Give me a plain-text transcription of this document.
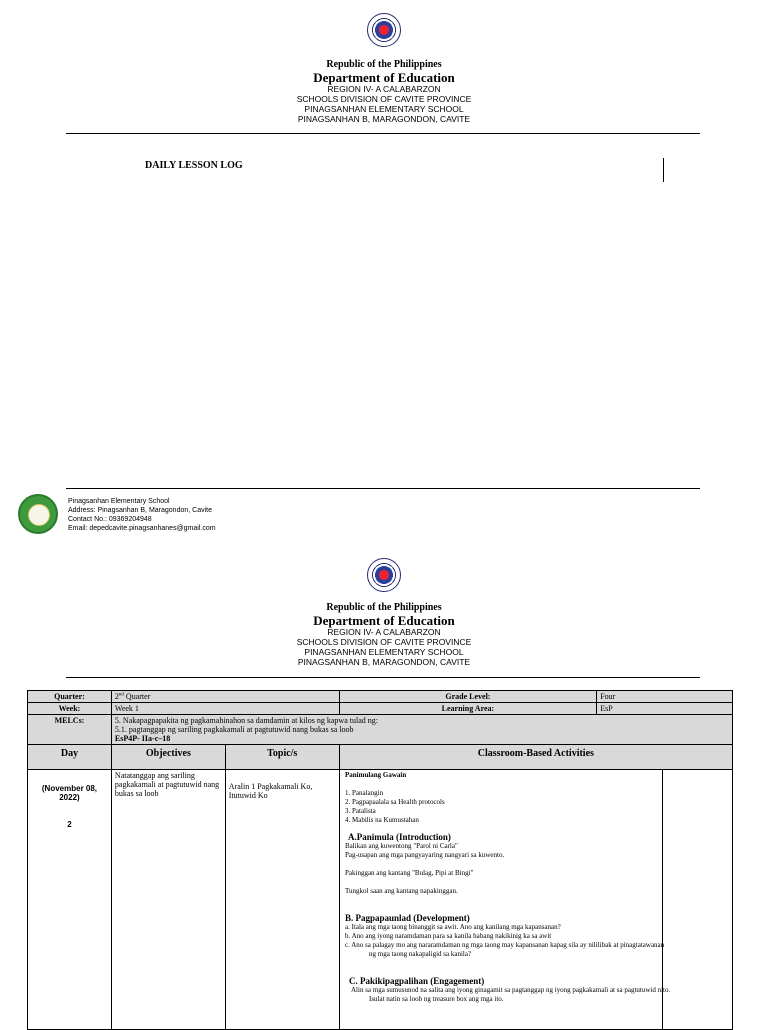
Republic of the Philippines
Department of Education
REGION IV- A CALABARZON
SCHOOLS DIVISION OF CAVITE PROVINCE
PINAGSANHAN ELEMENTARY SCHOOL
PINAGSANHAN B, MARAGONDON, CAVITE
DAILY LESSON LOG
Pinagsanhan Elementary School
Address: Pinagsanhan B, Maragondon, Cavite
Contact No.: 09369204948
Email: depedcavite.pinagsanhanes@gmail.com
Republic of the Philippines
Department of Education
REGION IV- A CALABARZON
SCHOOLS DIVISION OF CAVITE PROVINCE
PINAGSANHAN ELEMENTARY SCHOOL
PINAGSANHAN B, MARAGONDON, CAVITE
Quarter:	2nd Quarter		Grade Level:	Four
Week:	Week 1		Learning Area:	EsP
MELCs:	5. Nakapagpapakita ng pagkamahinahon sa damdamin at kilos ng kapwa tulad ng:
5.1. pagtanggap ng sariling pagkakamali at pagtutuwid nang bukas sa loob
EsP4P- IIa-c–18			

Day	Objectives	Topic/s	Classroom-Based Activities	

(November 08, 2022)
2	Natatanggap ang sariling pagkakamali at pagtutuwid nang bukas sa loob	Aralin 1 Pagkakamali Ko, Itutuwid Ko		
Panimulang Gawain
1. Panalangin
2. Pagpapaalala sa Health protocols
3. Patalista
4. Mabilis na Kumustahan
A.Panimula (Introduction)
Balikan ang kuwentong "Parol ni Carla"
Pag-usapan ang mga pangyayaring nangyari sa kuwento.
Pakinggan ang kantang "Bulag, Pipi at Bingi"
Tungkol saan ang kantang napakinggan.
B. Pagpapaunlad (Development)
a. Itala ang mga taong binanggit sa awit. Ano ang kanilang mga kapansanan?
b. Ano ang iyong naramdaman para sa kanila habang nakikinig ka sa awit
c. Ano sa palagay mo ang nararamdaman ng mga taong may kapansanan kapag sila ay nililibak at pinagtatawanan
ng mga taong nakapaligid sa kanila?
C. Pakikipagpalihan (Engagement)
Alin sa mga sumusunod na salita ang iyong ginagamit sa pagtanggap ng iyong pagkakamali at sa pagtutuwid nito.
Isulat natin sa loob ng treasure box ang mga ito.
